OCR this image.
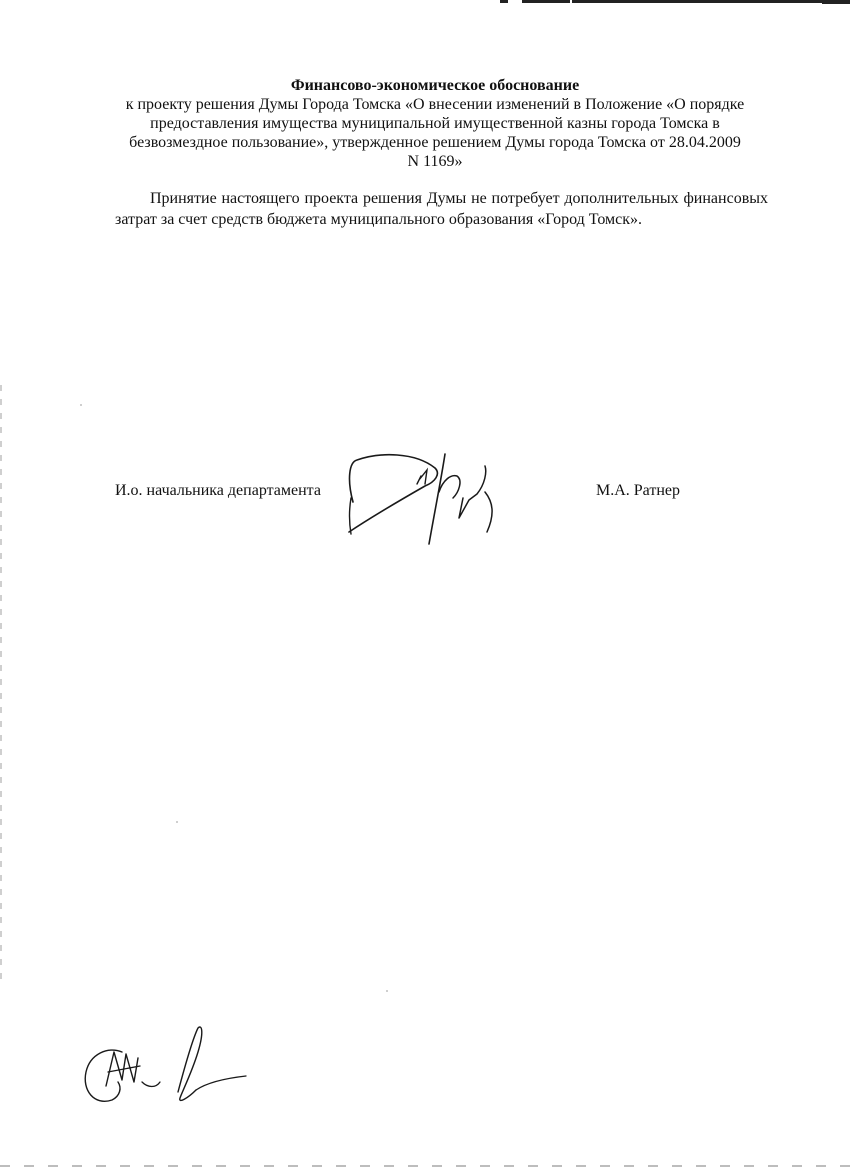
Финансово-экономическое обоснование
к проекту решения Думы Города Томска «О внесении изменений в Положение «О порядке
предоставления имущества муниципальной имущественной казны города Томска в
безвозмездное пользование», утвержденное решением Думы города Томска от 28.04.2009
N 1169»
Принятие настоящего проекта решения Думы не потребует дополнительных финансовых затрат за счет средств бюджета муниципального образования «Город Томск».
И.о. начальника департамента	М.А. Ратнер
